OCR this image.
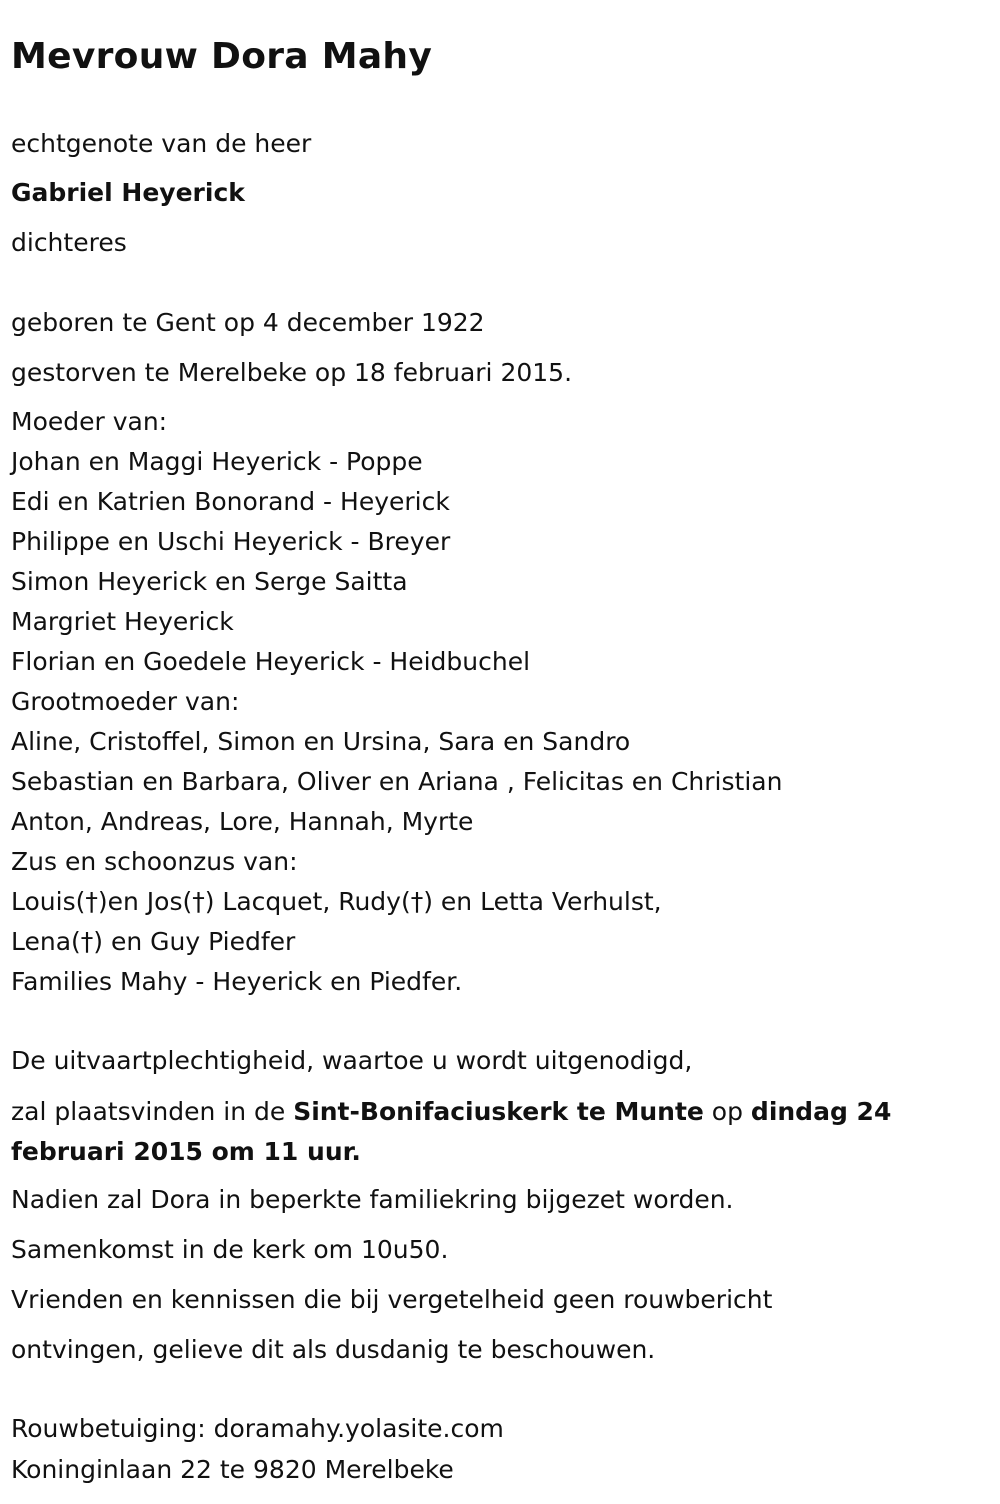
Mevrouw Dora Mahy
echtgenote van de heer
Gabriel Heyerick
dichteres
geboren te Gent op 4 december 1922
gestorven te Merelbeke op 18 februari 2015.
Moeder van:
Johan en Maggi Heyerick - Poppe
Edi en Katrien Bonorand - Heyerick
Philippe en Uschi Heyerick - Breyer
Simon Heyerick en Serge Saitta
Margriet Heyerick
Florian en Goedele Heyerick - Heidbuchel
Grootmoeder van:
Aline, Cristoffel, Simon en Ursina, Sara en Sandro
Sebastian en Barbara, Oliver en Ariana , Felicitas en Christian
Anton, Andreas, Lore, Hannah, Myrte
Zus en schoonzus van:
Louis(†)en Jos(†) Lacquet, Rudy(†) en Letta Verhulst,
Lena(†) en Guy Piedfer
Families Mahy - Heyerick en Piedfer.
De uitvaartplechtigheid, waartoe u wordt uitgenodigd,
zal plaatsvinden in de Sint-Bonifaciuskerk te Munte op dindag 24 februari 2015 om 11 uur.
Nadien zal Dora in beperkte familiekring bijgezet worden.
Samenkomst in de kerk om 10u50.
Vrienden en kennissen die bij vergetelheid geen rouwbericht
ontvingen, gelieve dit als dusdanig te beschouwen.
Rouwbetuiging: doramahy.yolasite.com
Koninginlaan 22 te 9820 Merelbeke
